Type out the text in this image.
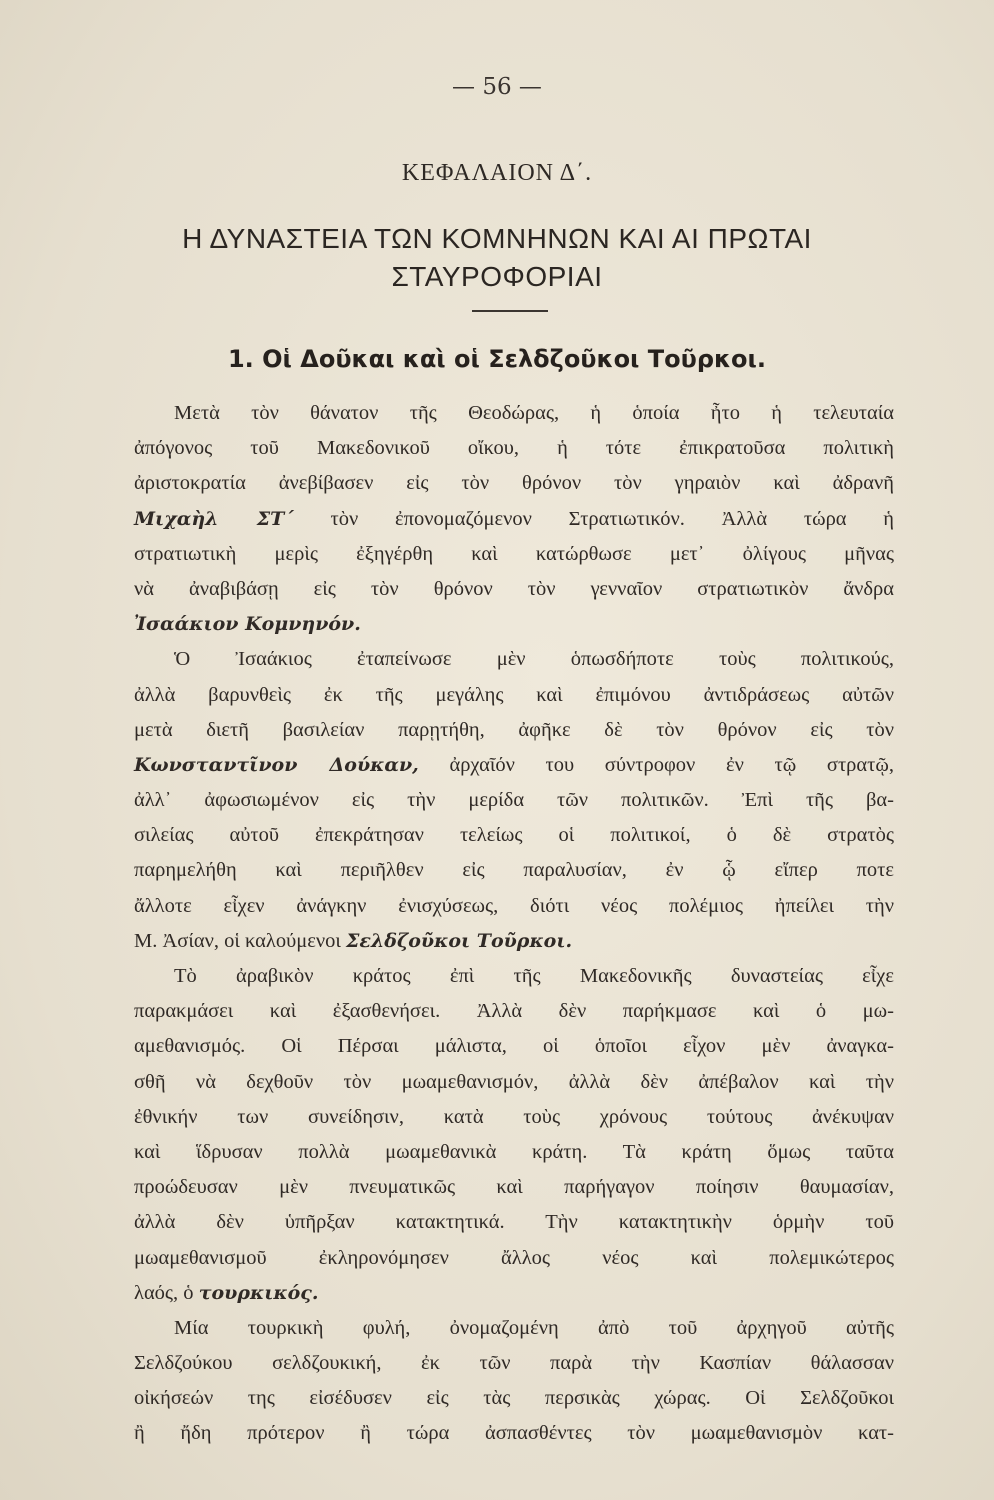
— 56 —
ΚΕΦΑΛΑΙΟΝ Δ΄.
Η ΔΥΝΑΣΤΕΙΑ ΤΩΝ ΚΟΜΝΗΝΩΝ ΚΑΙ ΑΙ ΠΡΩΤΑΙ
ΣΤΑΥΡΟΦΟΡΙΑΙ
1. Οἱ Δοῦκαι καὶ οἱ Σελδζοῦκοι Τοῦρκοι.
Μετὰ τὸν θάνατον τῆς Θεοδώρας, ἡ ὁποία ἦτο ἡ τελευταία
ἀπόγονος τοῦ Μακεδονικοῦ οἴκου, ἡ τότε ἐπικρατοῦσα πολιτικὴ
ἀριστοκρατία ἀνεβίβασεν εἰς τὸν θρόνον τὸν γηραιὸν καὶ ἀδρανῆ
Μιχαὴλ ΣΤ΄ τὸν ἐπονομαζόμενον Στρατιωτικόν. Ἀλλὰ τώρα ἡ
στρατιωτικὴ μερὶς ἐξηγέρθη καὶ κατώρθωσε μετ᾽ ὀλίγους μῆνας
νὰ ἀναβιβάσῃ εἰς τὸν θρόνον τὸν γενναῖον στρατιωτικὸν ἄνδρα
Ἰσαάκιον Κομνηνόν.
Ὁ Ἰσαάκιος ἐταπείνωσε μὲν ὁπωσδήποτε τοὺς πολιτικούς,
ἀλλὰ βαρυνθεὶς ἐκ τῆς μεγάλης καὶ ἐπιμόνου ἀντιδράσεως αὐτῶν
μετὰ διετῆ βασιλείαν παρῃτήθη, ἀφῆκε δὲ τὸν θρόνον εἰς τὸν
Κωνσταντῖνον Δούκαν, ἀρχαῖόν του σύντροφον ἐν τῷ στρατῷ,
ἀλλ᾽ ἀφωσιωμένον εἰς τὴν μερίδα τῶν πολιτικῶν. Ἐπὶ τῆς βα-
σιλείας αὐτοῦ ἐπεκράτησαν τελείως οἱ πολιτικοί, ὁ δὲ στρατὸς
παρημελήθη καὶ περιῆλθεν εἰς παραλυσίαν, ἐν ᾧ εἴπερ ποτε
ἄλλοτε εἶχεν ἀνάγκην ἐνισχύσεως, διότι νέος πολέμιος ἠπείλει τὴν
Μ. Ἀσίαν, οἱ καλούμενοι Σελδζοῦκοι Τοῦρκοι.
Τὸ ἀραβικὸν κράτος ἐπὶ τῆς Μακεδονικῆς δυναστείας εἶχε
παρακμάσει καὶ ἐξασθενήσει. Ἀλλὰ δὲν παρήκμασε καὶ ὁ μω-
αμεθανισμός. Οἱ Πέρσαι μάλιστα, οἱ ὁποῖοι εἶχον μὲν ἀναγκα-
σθῆ νὰ δεχθοῦν τὸν μωαμεθανισμόν, ἀλλὰ δὲν ἀπέβαλον καὶ τὴν
ἐθνικήν των συνείδησιν, κατὰ τοὺς χρόνους τούτους ἀνέκυψαν
καὶ ἵδρυσαν πολλὰ μωαμεθανικὰ κράτη. Τὰ κράτη ὅμως ταῦτα
προώδευσαν μὲν πνευματικῶς καὶ παρήγαγον ποίησιν θαυμασίαν,
ἀλλὰ δὲν ὑπῆρξαν κατακτητικά. Τὴν κατακτητικὴν ὁρμὴν τοῦ
μωαμεθανισμοῦ ἐκληρονόμησεν ἄλλος νέος καὶ πολεμικώτερος
λαός, ὁ τουρκικός.
Μία τουρκικὴ φυλή, ὀνομαζομένη ἀπὸ τοῦ ἀρχηγοῦ αὐτῆς
Σελδζούκου σελδζουκική, ἐκ τῶν παρὰ τὴν Κασπίαν θάλασσαν
οἰκήσεών της εἰσέδυσεν εἰς τὰς περσικὰς χώρας. Οἱ Σελδζοῦκοι
ἢ ἤδη πρότερον ἢ τώρα ἀσπασθέντες τὸν μωαμεθανισμὸν κατ-
